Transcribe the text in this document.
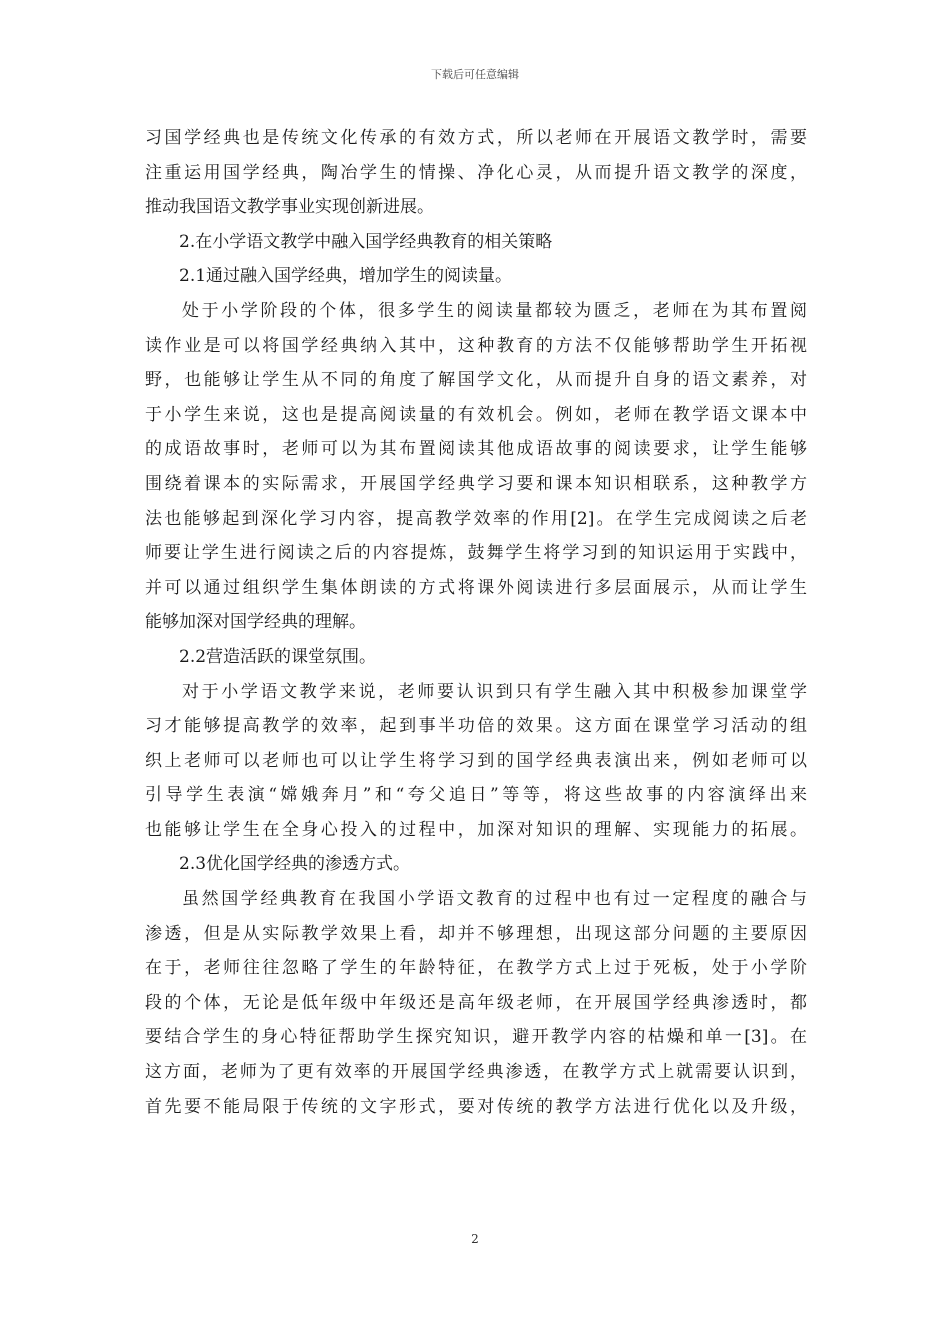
下载后可任意编辑
习国学经典也是传统文化传承的有效方式，所以老师在开展语文教学时，需要
注重运用国学经典，陶冶学生的情操、净化心灵，从而提升语文教学的深度，
推动我国语文教学事业实现创新进展。
2.在小学语文教学中融入国学经典教育的相关策略
2.1通过融入国学经典，增加学生的阅读量。
处于小学阶段的个体，很多学生的阅读量都较为匮乏，老师在为其布置阅
读作业是可以将国学经典纳入其中，这种教育的方法不仅能够帮助学生开拓视
野，也能够让学生从不同的角度了解国学文化，从而提升自身的语文素养，对
于小学生来说，这也是提高阅读量的有效机会。例如，老师在教学语文课本中
的成语故事时，老师可以为其布置阅读其他成语故事的阅读要求，让学生能够
围绕着课本的实际需求，开展国学经典学习要和课本知识相联系，这种教学方
法也能够起到深化学习内容，提高教学效率的作用[2]。在学生完成阅读之后老
师要让学生进行阅读之后的内容提炼，鼓舞学生将学习到的知识运用于实践中，
并可以通过组织学生集体朗读的方式将课外阅读进行多层面展示，从而让学生
能够加深对国学经典的理解。
2.2营造活跃的课堂氛围。
对于小学语文教学来说，老师要认识到只有学生融入其中积极参加课堂学
习才能够提高教学的效率，起到事半功倍的效果。这方面在课堂学习活动的组
织上老师可以老师也可以让学生将学习到的国学经典表演出来，例如老师可以
引导学生表演“嫦娥奔月”和“夸父追日”等等，将这些故事的内容演绎出来
也能够让学生在全身心投入的过程中，加深对知识的理解、实现能力的拓展。
2.3优化国学经典的渗透方式。
虽然国学经典教育在我国小学语文教育的过程中也有过一定程度的融合与
渗透，但是从实际教学效果上看，却并不够理想，出现这部分问题的主要原因
在于，老师往往忽略了学生的年龄特征，在教学方式上过于死板，处于小学阶
段的个体，无论是低年级中年级还是高年级老师，在开展国学经典渗透时，都
要结合学生的身心特征帮助学生探究知识，避开教学内容的枯燥和单一[3]。在
这方面，老师为了更有效率的开展国学经典渗透，在教学方式上就需要认识到，
首先要不能局限于传统的文字形式，要对传统的教学方法进行优化以及升级，
2
